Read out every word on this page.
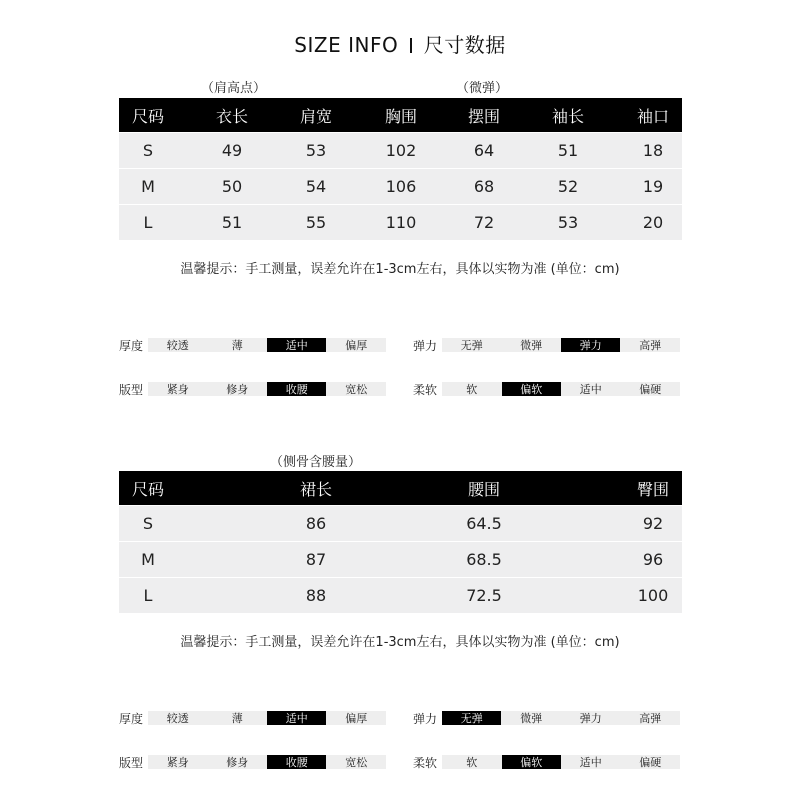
SIZE INFO 尺寸数据
（肩高点）	（微弹）
尺码	衣长	肩宽	胸围	摆围	袖长	袖口
S	49	53	102	64	51	18
M	50	54	106	68	52	19
L	51	55	110	72	53	20
温馨提示：手工测量，误差允许在1-3cm左右，具体以实物为准 (单位：cm)
厚度	较透	薄	适中	偏厚	弹力	无弹	微弹	弹力	高弹
版型	紧身	修身	收腰	宽松	柔软	软	偏软	适中	偏硬
（侧骨含腰量）
尺码	裙长	腰围	臀围
S	86	64.5	92
M	87	68.5	96
L	88	72.5	100
温馨提示：手工测量，误差允许在1-3cm左右，具体以实物为准 (单位：cm)
厚度	较透	薄	适中	偏厚	弹力	无弹	微弹	弹力	高弹
版型	紧身	修身	收腰	宽松	柔软	软	偏软	适中	偏硬
